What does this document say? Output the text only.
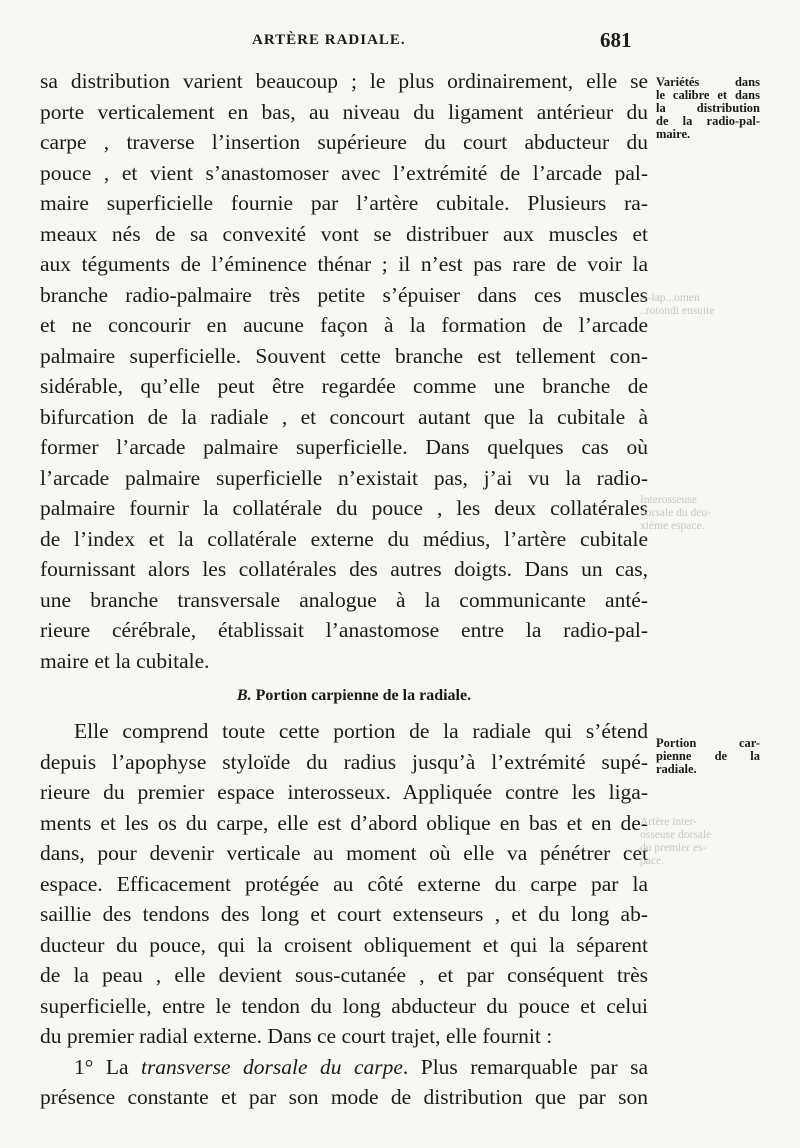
ARTÈRE RADIALE.	681
sa distribution varient beaucoup ; le plus ordinairement, elle se
porte verticalement en bas, au niveau du ligament antérieur du
carpe , traverse l’insertion supérieure du court abducteur du
pouce , et vient s’anastomoser avec l’extrémité de l’arcade pal-
maire superficielle fournie par l’artère cubitale. Plusieurs ra-
meaux nés de sa convexité vont se distribuer aux muscles et
aux téguments de l’éminence thénar ; il n’est pas rare de voir la
branche radio-palmaire très petite s’épuiser dans ces muscles
et ne concourir en aucune façon à la formation de l’arcade
palmaire superficielle. Souvent cette branche est tellement con-
sidérable, qu’elle peut être regardée comme une branche de
bifurcation de la radiale , et concourt autant que la cubitale à
former l’arcade palmaire superficielle. Dans quelques cas où
l’arcade palmaire superficielle n’existait pas, j’ai vu la radio-
palmaire fournir la collatérale du pouce , les deux collatérales
de l’index et la collatérale externe du médius, l’artère cubitale
fournissant alors les collatérales des autres doigts. Dans un cas,
une branche transversale analogue à la communicante anté-
rieure cérébrale, établissait l’anastomose entre la radio-pal-
maire et la cubitale.
B. Portion carpienne de la radiale.
Elle comprend toute cette portion de la radiale qui s’étend
depuis l’apophyse styloïde du radius jusqu’à l’extrémité supé-
rieure du premier espace interosseux. Appliquée contre les liga-
ments et les os du carpe, elle est d’abord oblique en bas et en de-
dans, pour devenir verticale au moment où elle va pénétrer cet
espace. Efficacement protégée au côté externe du carpe par la
saillie des tendons des long et court extenseurs , et du long ab-
ducteur du pouce, qui la croisent obliquement et qui la séparent
de la peau , elle devient sous-cutanée , et par conséquent très
superficielle, entre le tendon du long abducteur du pouce et celui
du premier radial externe. Dans ce court trajet, elle fournit :
1° La transverse dorsale du carpe. Plus remarquable par sa
présence constante et par son mode de distribution que par son
Variétés dans
le calibre et dans
la distribution
de la radio-pal-
maire.
Portion car-
pienne de la
radiale.
—lap...omen
..rotondi ensuite
Interosseuse
dorsale du deu-
xième espace.
Artère inter-
osseuse dorsale
du premier es-
pace.
